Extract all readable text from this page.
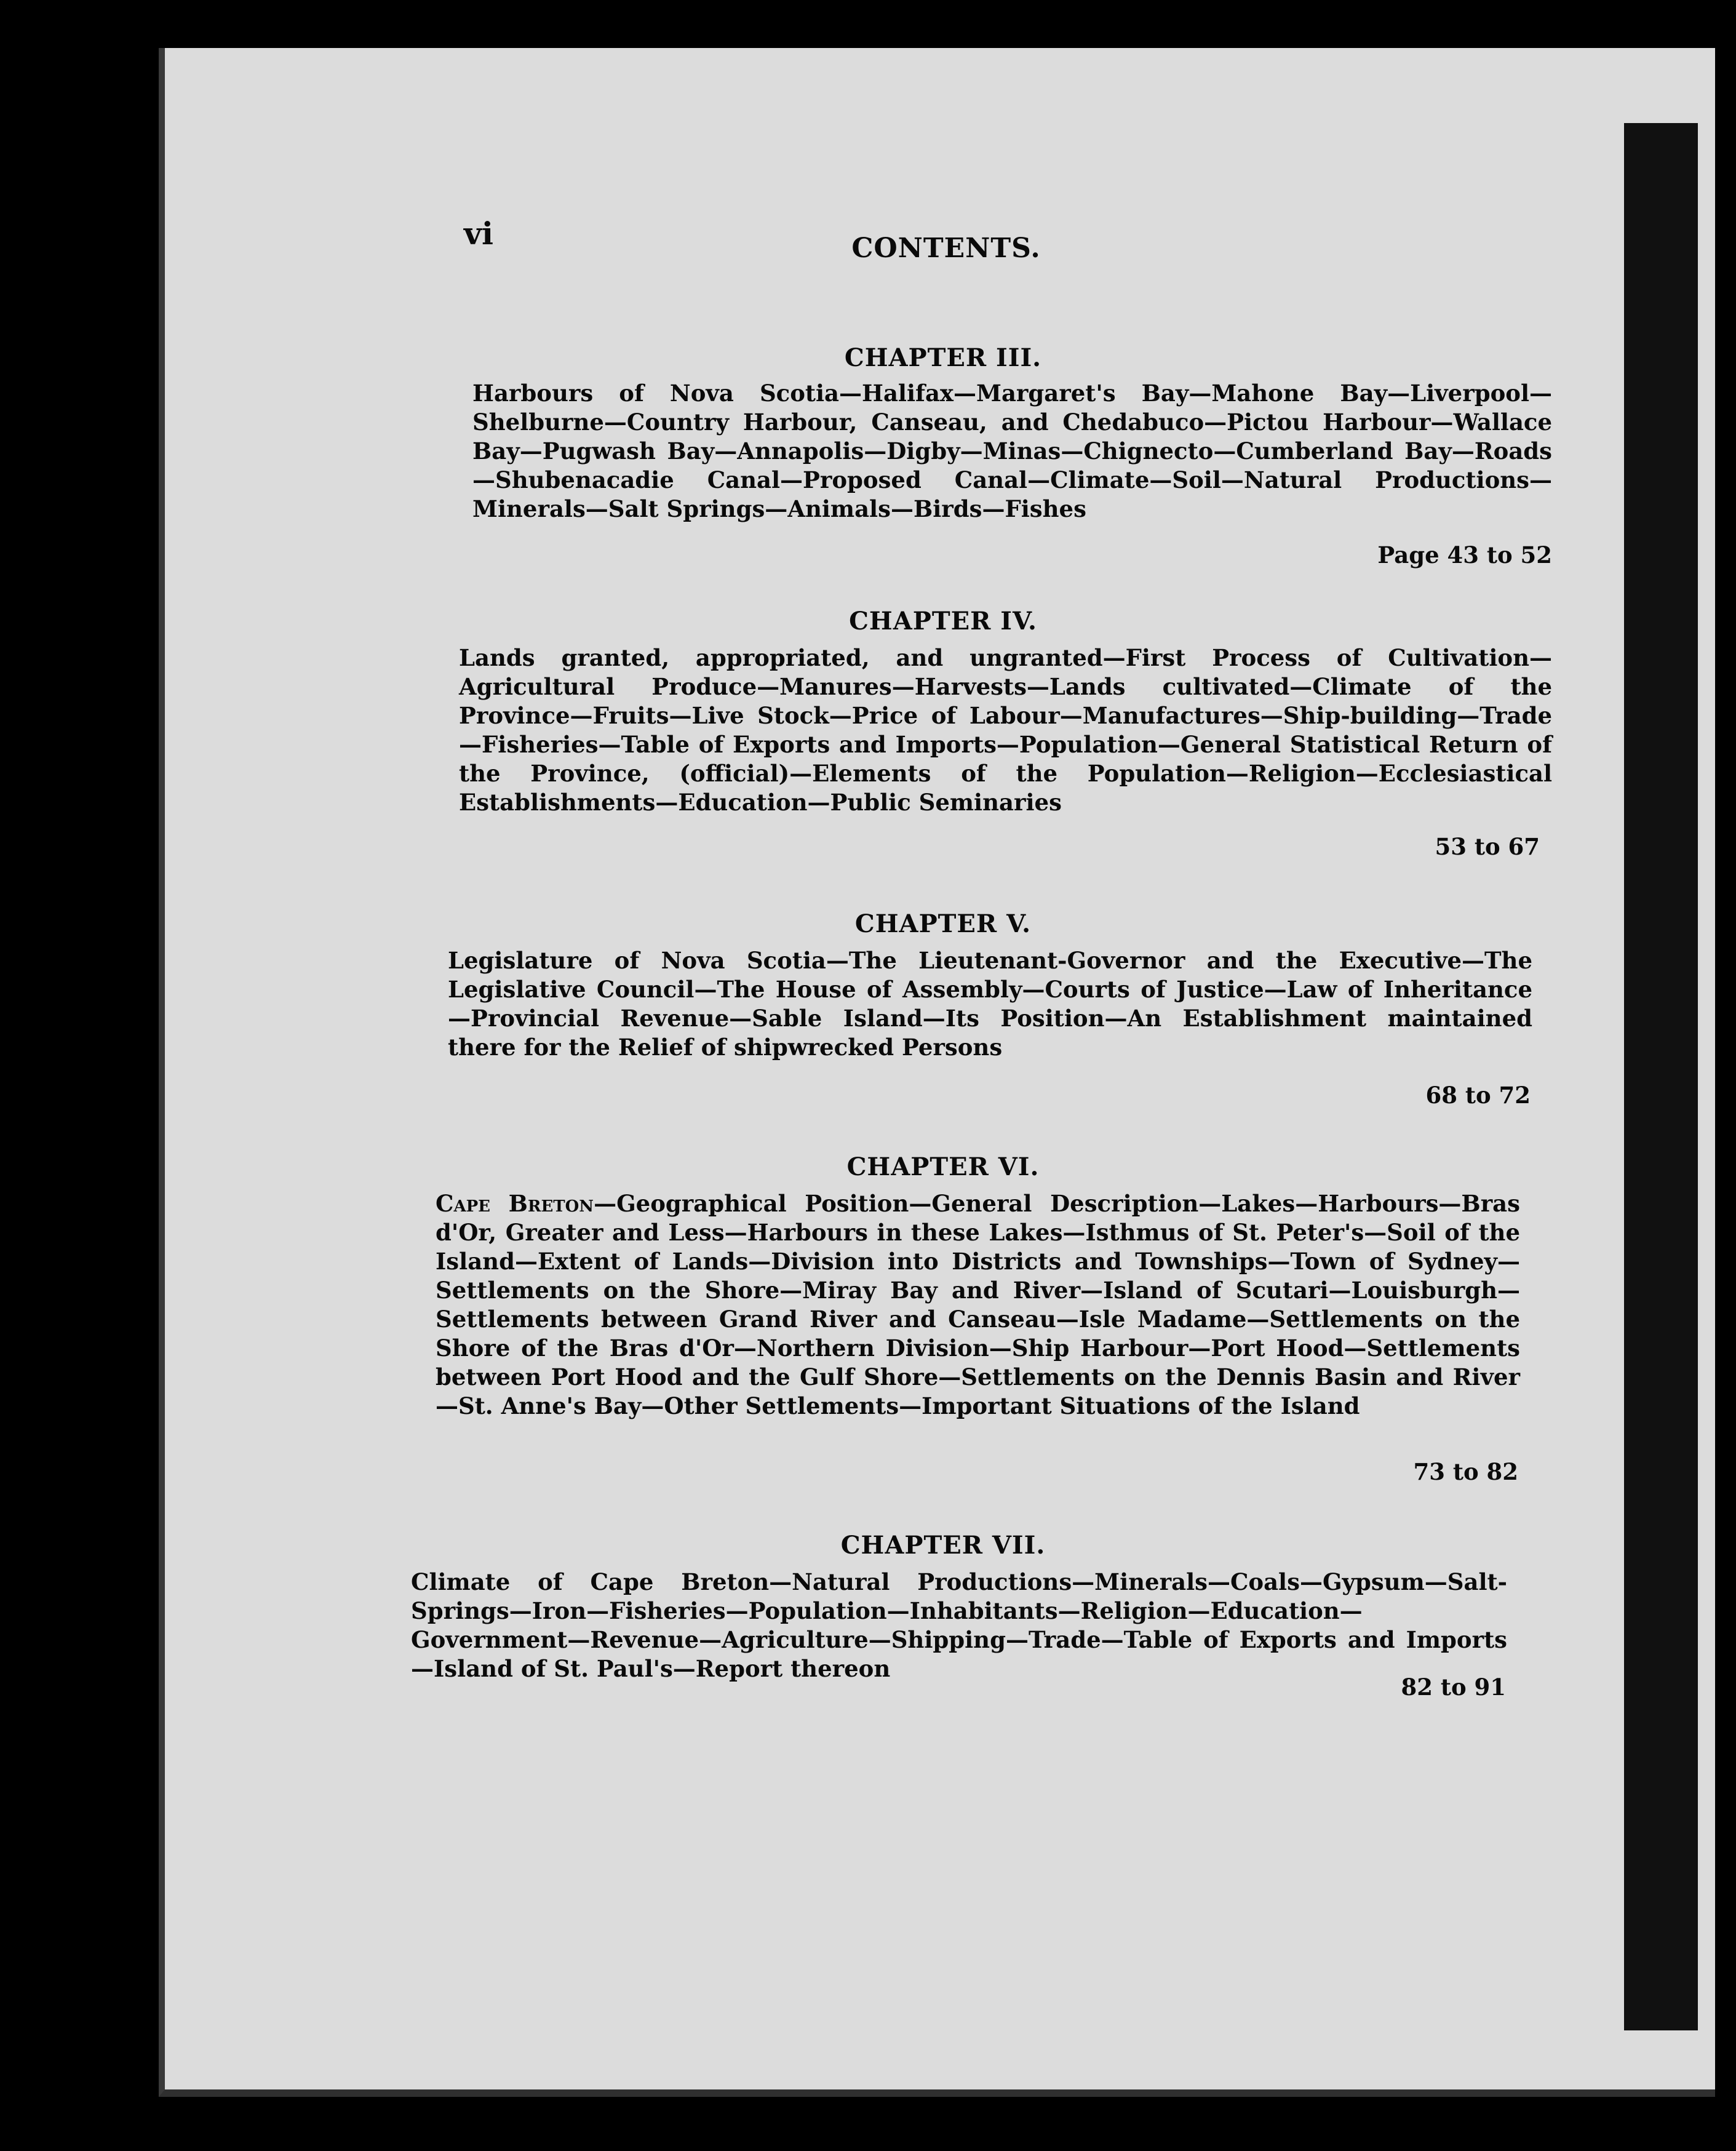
vi	CONTENTS.
CHAPTER III.
Harbours of Nova Scotia—Halifax—Margaret's Bay—Mahone Bay—Liverpool—Shelburne—Country Harbour, Canseau, and Chedabuco—Pictou Harbour—Wallace Bay—Pugwash Bay—Annapolis—Digby—Minas—Chignecto—Cumberland Bay—Roads—Shubenacadie Canal—Proposed Canal—Climate—Soil—Natural Productions—Minerals—Salt Springs—Animals—Birds—Fishes
Page 43 to 52
CHAPTER IV.
Lands granted, appropriated, and ungranted—First Process of Cultivation—Agricultural Produce—Manures—Harvests—Lands cultivated—Climate of the Province—Fruits—Live Stock—Price of Labour—Manufactures—Ship-building—Trade—Fisheries—Table of Exports and Imports—Population—General Statistical Return of the Province, (official)—Elements of the Population—Religion—Ecclesiastical Establishments—Education—Public Seminaries
53 to 67
CHAPTER V.
Legislature of Nova Scotia—The Lieutenant-Governor and the Executive—The Legislative Council—The House of Assembly—Courts of Justice—Law of Inheritance—Provincial Revenue—Sable Island—Its Position—An Establishment maintained there for the Relief of shipwrecked Persons
68 to 72
CHAPTER VI.
Cape Breton—Geographical Position—General Description—Lakes—Harbours—Bras d'Or, Greater and Less—Harbours in these Lakes—Isthmus of St. Peter's—Soil of the Island—Extent of Lands—Division into Districts and Townships—Town of Sydney—Settlements on the Shore—Miray Bay and River—Island of Scutari—Louisburgh—Settlements between Grand River and Canseau—Isle Madame—Settlements on the Shore of the Bras d'Or—Northern Division—Ship Harbour—Port Hood—Settlements between Port Hood and the Gulf Shore—Settlements on the Dennis Basin and River—St. Anne's Bay—Other Settlements—Important Situations of the Island
73 to 82
CHAPTER VII.
Climate of Cape Breton—Natural Productions—Minerals—Coals—Gypsum—Salt-Springs—Iron—Fisheries—Population—Inhabitants—Religion—Education—Government—Revenue—Agriculture—Shipping—Trade—Table of Exports and Imports—Island of St. Paul's—Report thereon
82 to 91
